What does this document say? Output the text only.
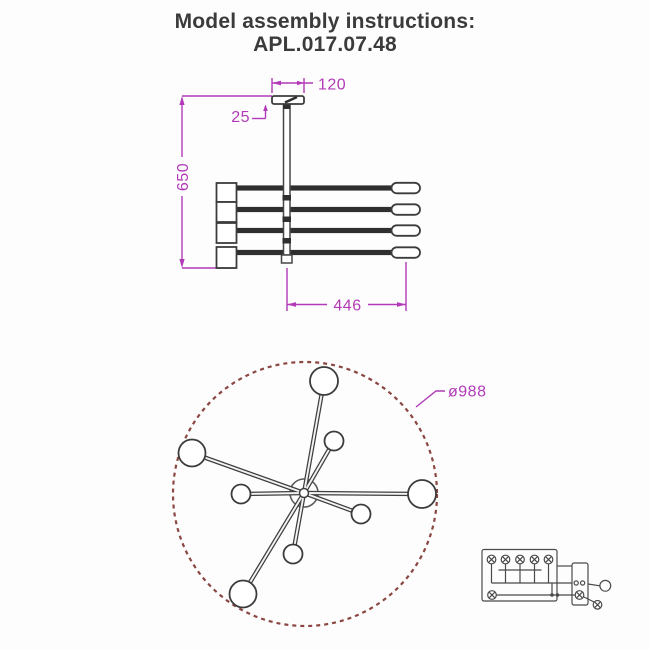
Model assembly instructions:
APL.017.07.48
650
120
25
446
ø988
